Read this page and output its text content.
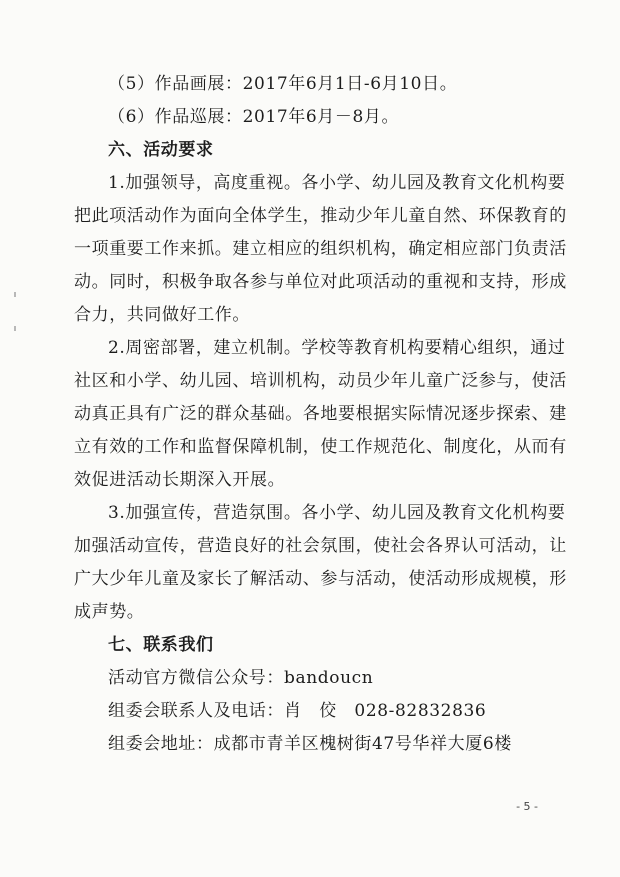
（5）作品画展：2017年6月1日-6月10日。

（6）作品巡展：2017年6月－8月。

六、活动要求

1.加强领导，高度重视。各小学、幼儿园及教育文化机构要

把此项活动作为面向全体学生，推动少年儿童自然、环保教育的

一项重要工作来抓。建立相应的组织机构，确定相应部门负责活

动。同时，积极争取各参与单位对此项活动的重视和支持，形成

合力，共同做好工作。

2.周密部署，建立机制。学校等教育机构要精心组织，通过

社区和小学、幼儿园、培训机构，动员少年儿童广泛参与，使活

动真正具有广泛的群众基础。各地要根据实际情况逐步探索、建

立有效的工作和监督保障机制，使工作规范化、制度化，从而有

效促进活动长期深入开展。

3.加强宣传，营造氛围。各小学、幼儿园及教育文化机构要

加强活动宣传，营造良好的社会氛围，使社会各界认可活动，让

广大少年儿童及家长了解活动、参与活动，使活动形成规模，形

成声势。

七、联系我们

活动官方微信公众号：bandoucn

组委会联系人及电话：肖　佼　028-82832836

组委会地址：成都市青羊区槐树街47号华祥大厦6楼

- 5 -
